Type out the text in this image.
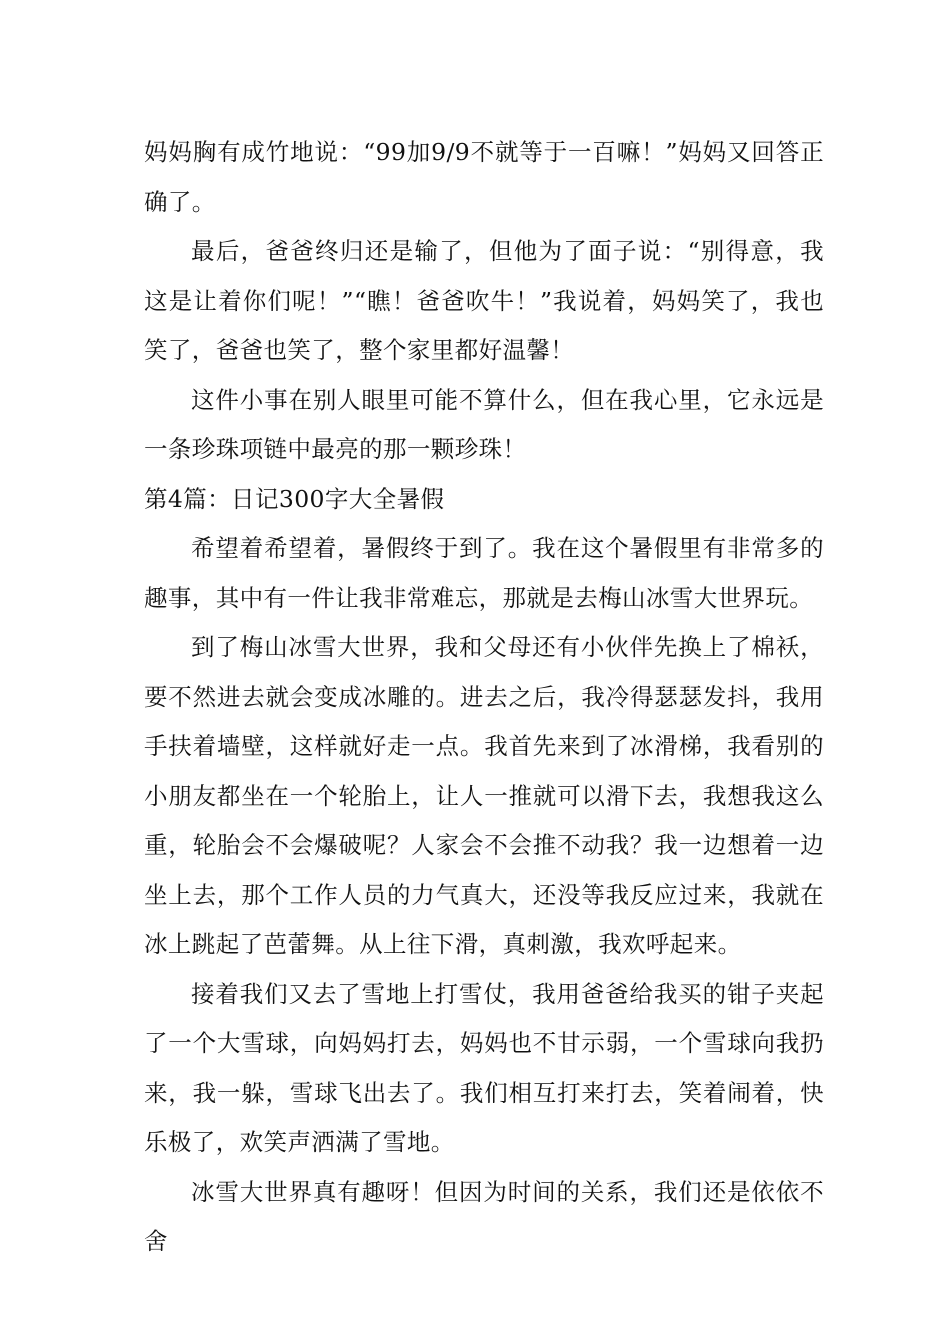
妈妈胸有成竹地说：“99加9/9不就等于一百嘛！”妈妈又回答正确了。

最后，爸爸终归还是输了，但他为了面子说：“别得意，我这是让着你们呢！”“瞧！爸爸吹牛！”我说着，妈妈笑了，我也笑了，爸爸也笑了，整个家里都好温馨！

这件小事在别人眼里可能不算什么，但在我心里，它永远是一条珍珠项链中最亮的那一颗珍珠！

第4篇：日记300字大全暑假

希望着希望着，暑假终于到了。我在这个暑假里有非常多的趣事，其中有一件让我非常难忘，那就是去梅山冰雪大世界玩。

到了梅山冰雪大世界，我和父母还有小伙伴先换上了棉袄，要不然进去就会变成冰雕的。进去之后，我冷得瑟瑟发抖，我用手扶着墙壁，这样就好走一点。我首先来到了冰滑梯，我看别的小朋友都坐在一个轮胎上，让人一推就可以滑下去，我想我这么重，轮胎会不会爆破呢？人家会不会推不动我？我一边想着一边坐上去，那个工作人员的力气真大，还没等我反应过来，我就在冰上跳起了芭蕾舞。从上往下滑，真刺激，我欢呼起来。

接着我们又去了雪地上打雪仗，我用爸爸给我买的钳子夹起了一个大雪球，向妈妈打去，妈妈也不甘示弱，一个雪球向我扔来，我一躲，雪球飞出去了。我们相互打来打去，笑着闹着，快乐极了，欢笑声洒满了雪地。

冰雪大世界真有趣呀！但因为时间的关系，我们还是依依不舍
